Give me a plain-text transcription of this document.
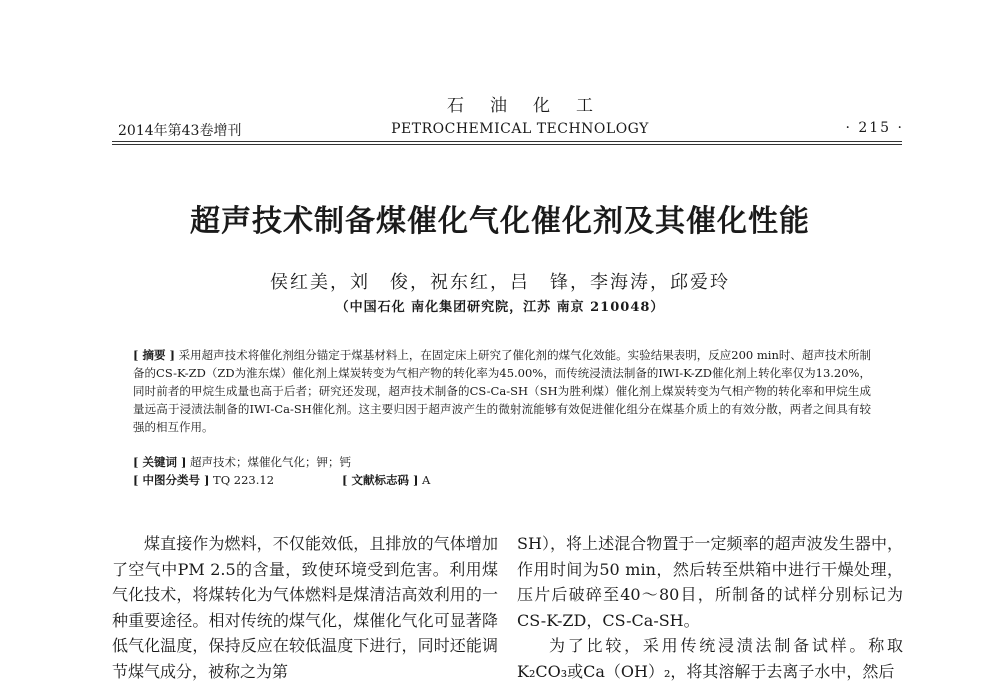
石油化工
PETROCHEMICAL TECHNOLOGY
2014年第43卷增刊	· 215 ·
超声技术制备煤催化气化催化剂及其催化性能
侯红美，刘　俊，祝东红，吕　锋，李海涛，邱爱玲
（中国石化 南化集团研究院，江苏 南京 210048）
[ 摘要 ] 采用超声技术将催化剂组分锚定于煤基材料上，在固定床上研究了催化剂的煤气化效能。实验结果表明，反应200 min时、超声技术所制备的CS-K-ZD（ZD为淮东煤）催化剂上煤炭转变为气相产物的转化率为45.00%，而传统浸渍法制备的IWI-K-ZD催化剂上转化率仅为13.20%，同时前者的甲烷生成量也高于后者；研究还发现，超声技术制备的CS-Ca-SH（SH为胜利煤）催化剂上煤炭转变为气相产物的转化率和甲烷生成量远高于浸渍法制备的IWI-Ca-SH催化剂。这主要归因于超声波产生的微射流能够有效促进催化组分在煤基介质上的有效分散，两者之间具有较强的相互作用。
[ 关键词 ] 超声技术；煤催化气化；钾；钙
[ 中图分类号 ] TQ 223.12	[ 文献标志码 ] A

煤直接作为燃料，不仅能效低，且排放的气体增加了空气中PM 2.5的含量，致使环境受到危害。利用煤气化技术，将煤转化为气体燃料是煤清洁高效利用的一种重要途径。相对传统的煤气化，煤催化气化可显著降低气化温度，保持反应在较低温度下进行，同时还能调节煤气成分，被称之为第

SH），将上述混合物置于一定频率的超声波发生器中，作用时间为50 min，然后转至烘箱中进行干燥处理，压片后破碎至40～80目，所制备的试样分别标记为CS-K-ZD，CS-Ca-SH。

为了比较，采用传统浸渍法制备试样。称取K₂CO₃或Ca（OH）₂，将其溶解于去离子水中，然后
